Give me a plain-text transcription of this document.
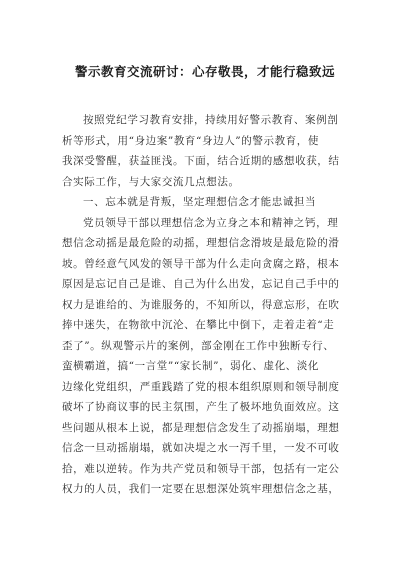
警示教育交流研讨：心存敬畏，才能行稳致远
按照党纪学习教育安排，持续用好警示教育、案例剖
析等形式，用“身边案”教育“身边人”的警示教育，使
我深受警醒，获益匪浅。下面，结合近期的感想收获，结
合实际工作，与大家交流几点想法。
一、忘本就是背叛，坚定理想信念才能忠诚担当
党员领导干部以理想信念为立身之本和精神之钙，理
想信念动摇是最危险的动摇，理想信念滑坡是最危险的滑
坡。曾经意气风发的领导干部为什么走向贪腐之路，根本
原因是忘记自己是谁、自己为什么出发，忘记自己手中的
权力是谁给的、为谁服务的，不知所以，得意忘形，在吹
捧中迷失，在物欲中沉沦、在攀比中倒下，走着走着“走
歪了”。纵观警示片的案例，部金刚在工作中独断专行、
蛮横霸道，搞“一言堂”“家长制”，弱化、虚化、淡化
边缘化党组织，严重践踏了党的根本组织原则和领导制度
破坏了协商议事的民主氛围，产生了极坏地负面效应。这
些问题从根本上说，都是理想信念发生了动摇崩塌，理想
信念一旦动摇崩塌，就如决堤之水一泻千里，一发不可收
拾，难以逆转。作为共产党员和领导干部，包括有一定公
权力的人员，我们一定要在思想深处筑牢理想信念之基，
